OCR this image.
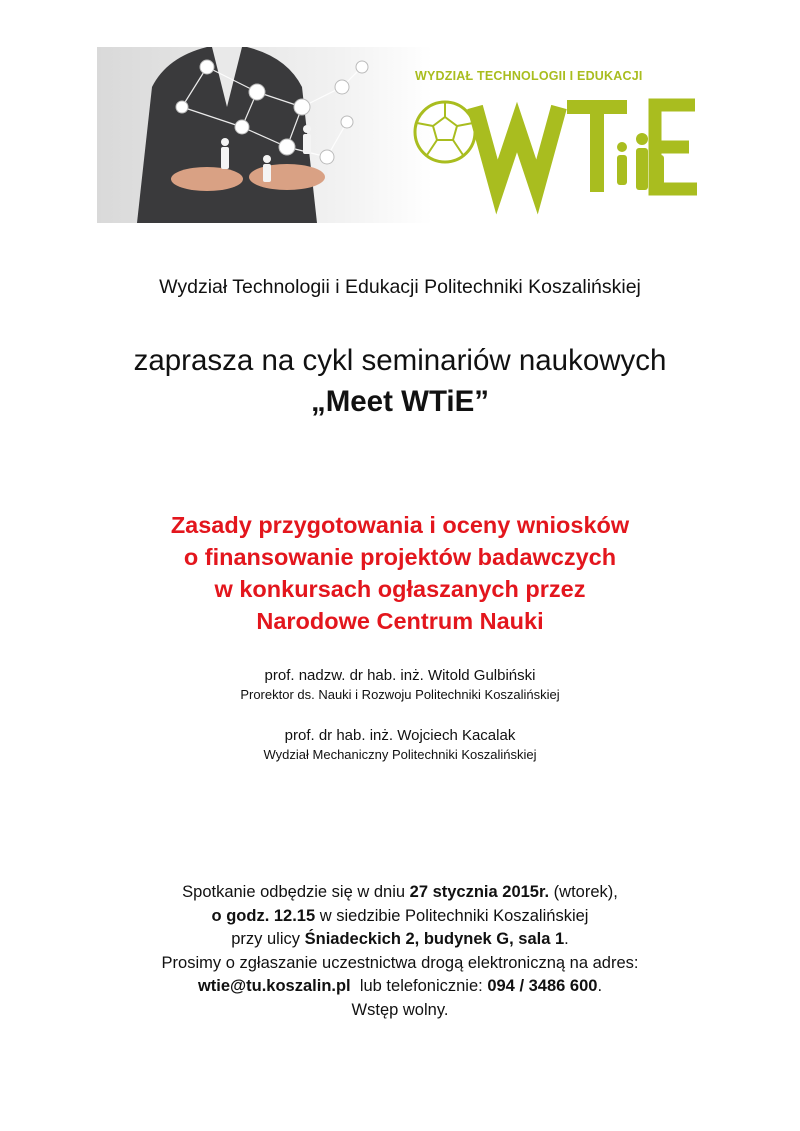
WYDZIAŁ TECHNOLOGII I EDUKACJI
Wydział Technologii i Edukacji Politechniki Koszalińskiej
zaprasza na cykl seminariów naukowych
„Meet WTiE”
Zasady przygotowania i oceny wniosków
o finansowanie projektów badawczych
w konkursach ogłaszanych przez
Narodowe Centrum Nauki
prof. nadzw. dr hab. inż. Witold Gulbiński
Prorektor ds. Nauki i Rozwoju Politechniki Koszalińskiej
prof. dr hab. inż. Wojciech Kacalak
Wydział Mechaniczny Politechniki Koszalińskiej
Spotkanie odbędzie się w dniu 27 stycznia 2015r. (wtorek),
o godz. 12.15 w siedzibie Politechniki Koszalińskiej
przy ulicy Śniadeckich 2, budynek G, sala 1.
Prosimy o zgłaszanie uczestnictwa drogą elektroniczną na adres:
wtie@tu.koszalin.pl  lub telefonicznie: 094 / 3486 600.
Wstęp wolny.
